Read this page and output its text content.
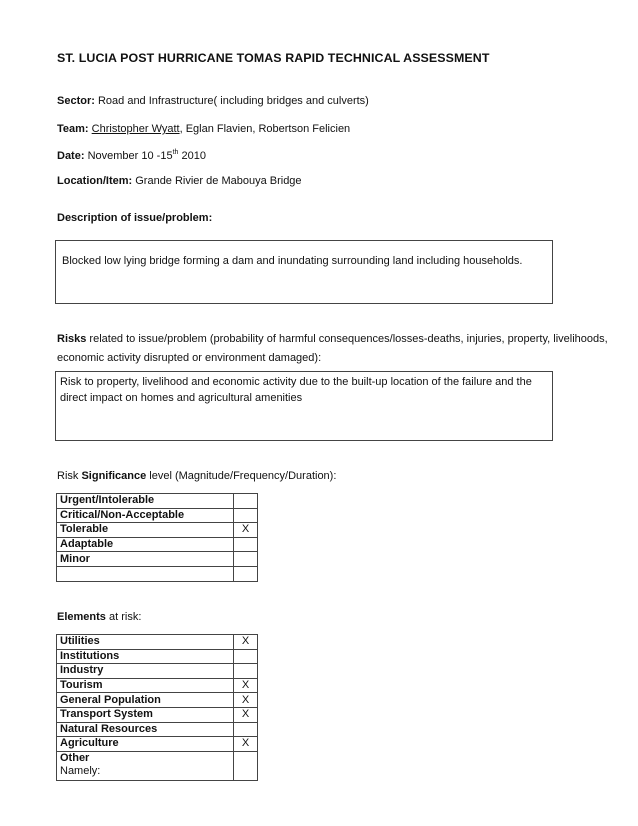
ST. LUCIA POST HURRICANE TOMAS RAPID TECHNICAL ASSESSMENT
Sector: Road and Infrastructure( including bridges and culverts)
Team: Christopher Wyatt, Eglan Flavien, Robertson Felicien
Date: November 10 -15th 2010
Location/Item: Grande Rivier de Mabouya Bridge
Description of issue/problem:
Blocked low lying bridge forming a dam and inundating surrounding land including households.
Risks related to issue/problem (probability of harmful consequences/losses-deaths, injuries, property, livelihoods,
economic activity disrupted or environment damaged):
Risk to property, livelihood and economic activity due to the built-up location of the failure and the
direct impact on homes and agricultural amenities
Risk Significance level (Magnitude/Frequency/Duration):
Urgent/Intolerable	
Critical/Non-Acceptable	
Tolerable	X
Adaptable	
Minor	

Elements at risk:
Utilities	X
Institutions	
Industry	
Tourism	X
General Population	X
Transport System	X
Natural Resources	
Agriculture	X

Other
Namely:	
